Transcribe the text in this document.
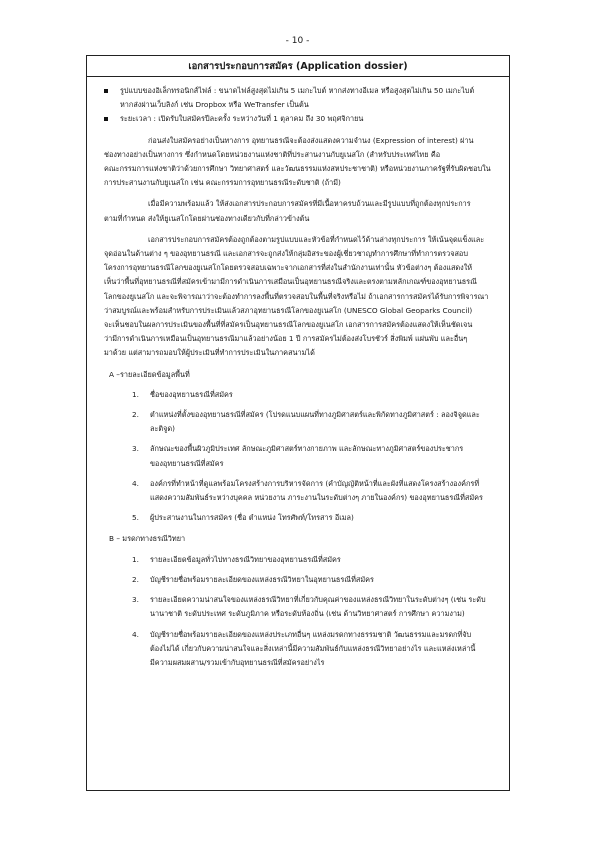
- 10 -
เอกสารประกอบการสมัคร (Application dossier)
รูปแบบของอิเล็กทรอนิกส์ไฟล์ : ขนาดไฟล์สูงสุดไม่เกิน 5 เมกะไบต์ หากส่งทางอีเมล หรือสูงสุดไม่เกิน 50 เมกะไบต์
หากส่งผ่านเว็บลิงก์ เช่น Dropbox หรือ WeTransfer เป็นต้น
ระยะเวลา : เปิดรับใบสมัครปีละครั้ง ระหว่างวันที่ 1 ตุลาคม ถึง 30 พฤศจิกายน
ก่อนส่งใบสมัครอย่างเป็นทางการ อุทยานธรณีจะต้องส่งแสดงความจำนง (Expression of interest) ผ่าน
ช่องทางอย่างเป็นทางการ ซึ่งกำหนดโดยหน่วยงานแห่งชาติที่ประสานงานกับยูเนสโก (สำหรับประเทศไทย คือ
คณะกรรมการแห่งชาติว่าด้วยการศึกษา วิทยาศาสตร์ และวัฒนธรรมแห่งสหประชาชาติ) หรือหน่วยงานภาครัฐที่รับผิดชอบใน
การประสานงานกับยูเนสโก เช่น คณะกรรมการอุทยานธรณีระดับชาติ (ถ้ามี)
เมื่อมีความพร้อมแล้ว ให้ส่งเอกสารประกอบการสมัครที่มีเนื้อหาครบถ้วนและมีรูปแบบที่ถูกต้องทุกประการ
ตามที่กำหนด ส่งให้ยูเนสโกโดยผ่านช่องทางเดียวกับที่กล่าวข้างต้น
เอกสารประกอบการสมัครต้องถูกต้องตามรูปแบบและหัวข้อที่กำหนดไว้ด้านล่างทุกประการ ให้เน้นจุดแข็งและ
จุดอ่อนในด้านต่าง ๆ ของอุทยานธรณี และเอกสารจะถูกส่งให้กลุ่มอิสระของผู้เชี่ยวชาญทำการศึกษาที่ทำการตรวจสอบ
โครงการอุทยานธรณีโลกของยูเนสโกโดยตรวจสอบเฉพาะจากเอกสารที่ส่งในสำนักงานเท่านั้น หัวข้อต่างๆ ต้องแสดงให้
เห็นว่าพื้นที่อุทยานธรณีที่สมัครเข้ามามีการดำเนินการเสมือนเป็นอุทยานธรณีจริงและตรงตามหลักเกณฑ์ของอุทยานธรณี
โลกของยูเนสโก และจะพิจารณาว่าจะต้องทำการลงพื้นที่ตรวจสอบในพื้นที่จริงหรือไม่ ถ้าเอกสารการสมัครได้รับการพิจารณา
ว่าสมบูรณ์และพร้อมสำหรับการประเมินแล้วสภาอุทยานธรณีโลกของยูเนสโก (UNESCO Global Geoparks Council)
จะเห็นชอบในผลการประเมินของพื้นที่ที่สมัครเป็นอุทยานธรณีโลกของยูเนสโก เอกสารการสมัครต้องแสดงให้เห็นชัดเจน
ว่ามีการดำเนินการเหมือนเป็นอุทยานธรณีมาแล้วอย่างน้อย 1 ปี การสมัครไม่ต้องส่งโบรชัวร์ สิ่งพิมพ์ แผ่นพับ และอื่นๆ
มาด้วย แต่สามารถมอบให้ผู้ประเมินที่ทำการประเมินในภาคสนามได้
A –รายละเอียดข้อมูลพื้นที่
1. ชื่อของอุทยานธรณีที่สมัคร
2. ตำแหน่งที่ตั้งของอุทยานธรณีที่สมัคร (โปรดแนบแผนที่ทางภูมิศาสตร์และพิกัดทางภูมิศาสตร์ : ลองจิจูดและ
ละติจูด)
3. ลักษณะของพื้นผิวภูมิประเทศ ลักษณะภูมิศาสตร์ทางกายภาพ และลักษณะทางภูมิศาสตร์ของประชากร
ของอุทยานธรณีที่สมัคร
4. องค์กรที่ทำหน้าที่ดูแลพร้อมโครงสร้างการบริหารจัดการ (คำบัญญัติหน้าที่และผังที่แสดงโครงสร้างองค์กรที่
แสดงความสัมพันธ์ระหว่างบุคคล หน่วยงาน ภาระงานในระดับต่างๆ ภายในองค์กร) ของอุทยานธรณีที่สมัคร
5. ผู้ประสานงานในการสมัคร (ชื่อ ตำแหน่ง โทรศัพท์/โทรสาร อีเมล)
B – มรดกทางธรณีวิทยา
1. รายละเอียดข้อมูลทั่วไปทางธรณีวิทยาของอุทยานธรณีที่สมัคร
2. บัญชีรายชื่อพร้อมรายละเอียดของแหล่งธรณีวิทยาในอุทยานธรณีที่สมัคร
3. รายละเอียดความน่าสนใจของแหล่งธรณีวิทยาที่เกี่ยวกับคุณค่าของแหล่งธรณีวิทยาในระดับต่างๆ (เช่น ระดับ
นานาชาติ ระดับประเทศ ระดับภูมิภาค หรือระดับท้องถิ่น (เช่น ด้านวิทยาศาสตร์ การศึกษา ความงาม)
4. บัญชีรายชื่อพร้อมรายละเอียดของแหล่งประเภทอื่นๆ แหล่งมรดกทางธรรมชาติ วัฒนธรรมและมรดกที่จับ
ต้องไม่ได้ เกี่ยวกับความน่าสนใจและสิ่งเหล่านี้มีความสัมพันธ์กับแหล่งธรณีวิทยาอย่างไร และแหล่งเหล่านี้
มีความผสมผสาน/รวมเข้ากับอุทยานธรณีที่สมัครอย่างไร
